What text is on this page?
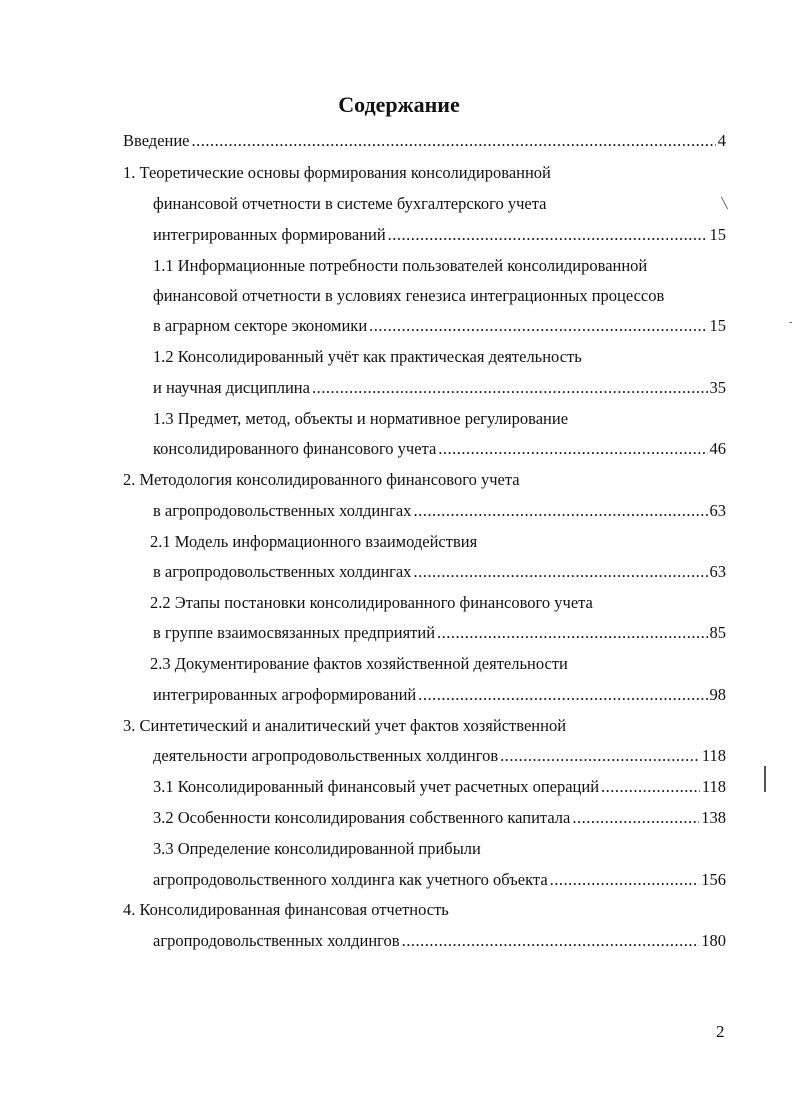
Содержание
Введение .....	4
1. Теоретические основы формирования консолидированной
финансовой отчетности в системе бухгалтерского учета
интегрированных формирований .....	15
1.1 Информационные потребности пользователей консолидированной
финансовой отчетности в условиях генезиса интеграционных процессов
в аграрном секторе экономики .....	15
1.2 Консолидированный учёт как практическая деятельность
и научная дисциплина .....	35
1.3 Предмет, метод, объекты и нормативное регулирование
консолидированного финансового учета .....	46
2. Методология консолидированного финансового учета
в агропродовольственных холдингах .....	63
2.1 Модель информационного взаимодействия
в агропродовольственных холдингах .....	63
2.2 Этапы постановки консолидированного финансового учета
в группе взаимосвязанных предприятий .....	85
2.3 Документирование фактов хозяйственной деятельности
интегрированных агроформирований .....	98
3. Синтетический и аналитический учет фактов хозяйственной
деятельности агропродовольственных холдингов .....	118
3.1 Консолидированный финансовый учет расчетных операций .....	118
3.2 Особенности консолидирования собственного капитала .....	138
3.3 Определение консолидированной прибыли
агропродовольственного холдинга как учетного объекта .....	156
4. Консолидированная финансовая отчетность
агропродовольственных холдингов .....	180
2
